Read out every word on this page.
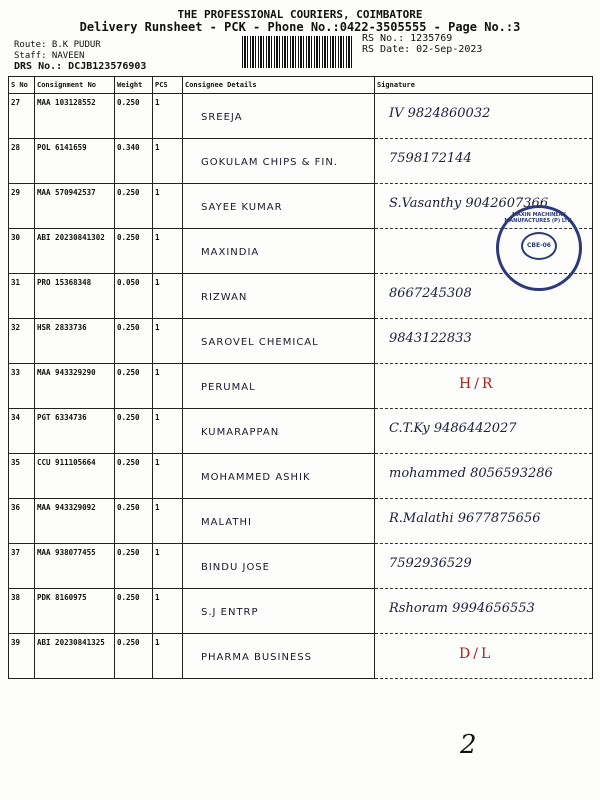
THE PROFESSIONAL COURIERS, COIMBATORE
Delivery Runsheet - PCK - Phone No.:0422-3505555 - Page No.:3
Route: B.K PUDUR
Staff: NAVEEN
DRS No.: DCJB123576903
RS No.: 1235769
RS Date: 02-Sep-2023
S No	Consignment No	Weight	PCS	Consignee Details	Signature
27	MAA 103128552	0.250	1	SREEJA	IV 9824860032

28	POL 6141659	0.340	1	GOKULAM CHIPS & FIN.	7598172144

29	MAA 570942537	0.250	1	SAYEE KUMAR	S.Vasanthy 9042607366

30	ABI 20230841302	0.250	1	MAXINDIA	

31	PRO 15368348	0.050	1	RIZWAN	8667245308

32	HSR 2833736	0.250	1	SAROVEL CHEMICAL	9843122833

33	MAA 943329290	0.250	1	PERUMAL	H/R

34	PGT 6334736	0.250	1	KUMARAPPAN	C.T.Ky 9486442027

35	CCU 911105664	0.250	1	MOHAMMED ASHIK	mohammed 8056593286

36	MAA 943329092	0.250	1	MALATHI	R.Malathi 9677875656

37	MAA 938077455	0.250	1	BINDU JOSE	7592936529

38	PDK 8160975	0.250	1	S.J ENTRP	Rshoram 9994656553

39	ABI 20230841325	0.250	1	PHARMA BUSINESS	D/L
MAXIN MACHINERY MANUFACTURES (P) LTD.
CBE-06
2
